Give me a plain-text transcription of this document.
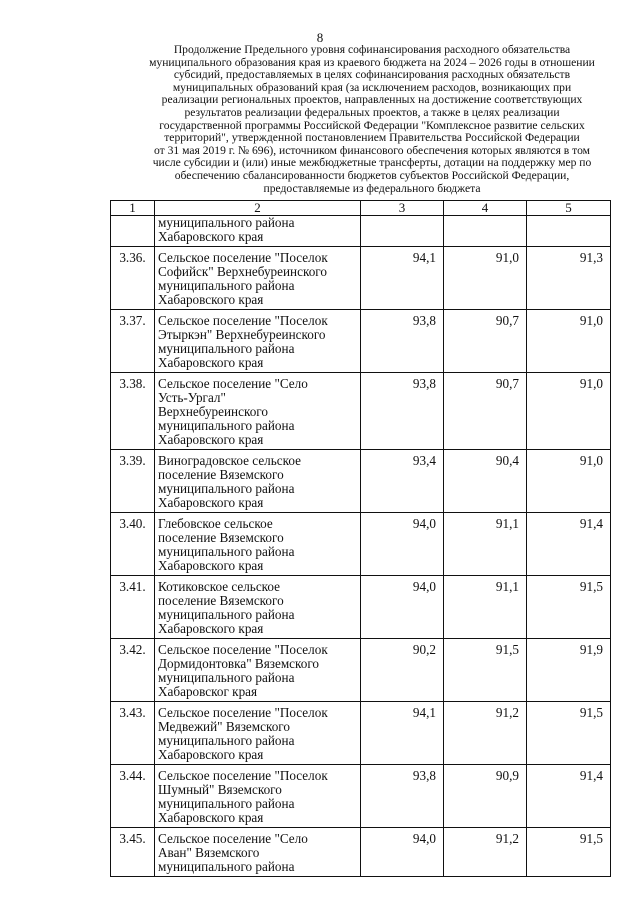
8
Продолжение Предельного уровня софинансирования расходного обязательства
муниципального образования края из краевого бюджета на 2024 – 2026 годы в отношении
субсидий, предоставляемых в целях софинансирования расходных обязательств
муниципальных образований края (за исключением расходов, возникающих при
реализации региональных проектов, направленных на достижение соответствующих
результатов реализации федеральных проектов, а также в целях реализации
государственной программы Российской Федерации "Комплексное развитие сельских
территорий", утвержденной постановлением Правительства Российской Федерации
от 31 мая 2019 г. № 696), источником финансового обеспечения которых являются в том
числе субсидии и (или) иные межбюджетные трансферты, дотации на поддержку мер по
обеспечению сбалансированности бюджетов субъектов Российской Федерации,
предоставляемые из федерального бюджета
1	2	3	4	5

	муниципального района
Хабаровского края			

3.36.	Сельское поселение "Поселок
Софийск" Верхнебуреинского
муниципального района
Хабаровского края	94,1	91,0	91,3
3.37.	Сельское поселение "Поселок
Этыркэн" Верхнебуреинского
муниципального района
Хабаровского края	93,8	90,7	91,0
3.38.	Сельское поселение "Село
Усть-Ургал"
Верхнебуреинского
муниципального района
Хабаровского края	93,8	90,7	91,0
3.39.	Виноградовское сельское
поселение Вяземского
муниципального района
Хабаровского края	93,4	90,4	91,0
3.40.	Глебовское сельское
поселение Вяземского
муниципального района
Хабаровского края	94,0	91,1	91,4
3.41.	Котиковское сельское
поселение Вяземского
муниципального района
Хабаровского края	94,0	91,1	91,5
3.42.	Сельское поселение "Поселок
Дормидонтовка" Вяземского
муниципального района
Хабаровског края	90,2	91,5	91,9
3.43.	Сельское поселение "Поселок
Медвежий" Вяземского
муниципального района
Хабаровского края	94,1	91,2	91,5
3.44.	Сельское поселение "Поселок
Шумный" Вяземского
муниципального района
Хабаровского края	93,8	90,9	91,4
3.45.	Сельское поселение "Село
Аван" Вяземского
муниципального района	94,0	91,2	91,5
